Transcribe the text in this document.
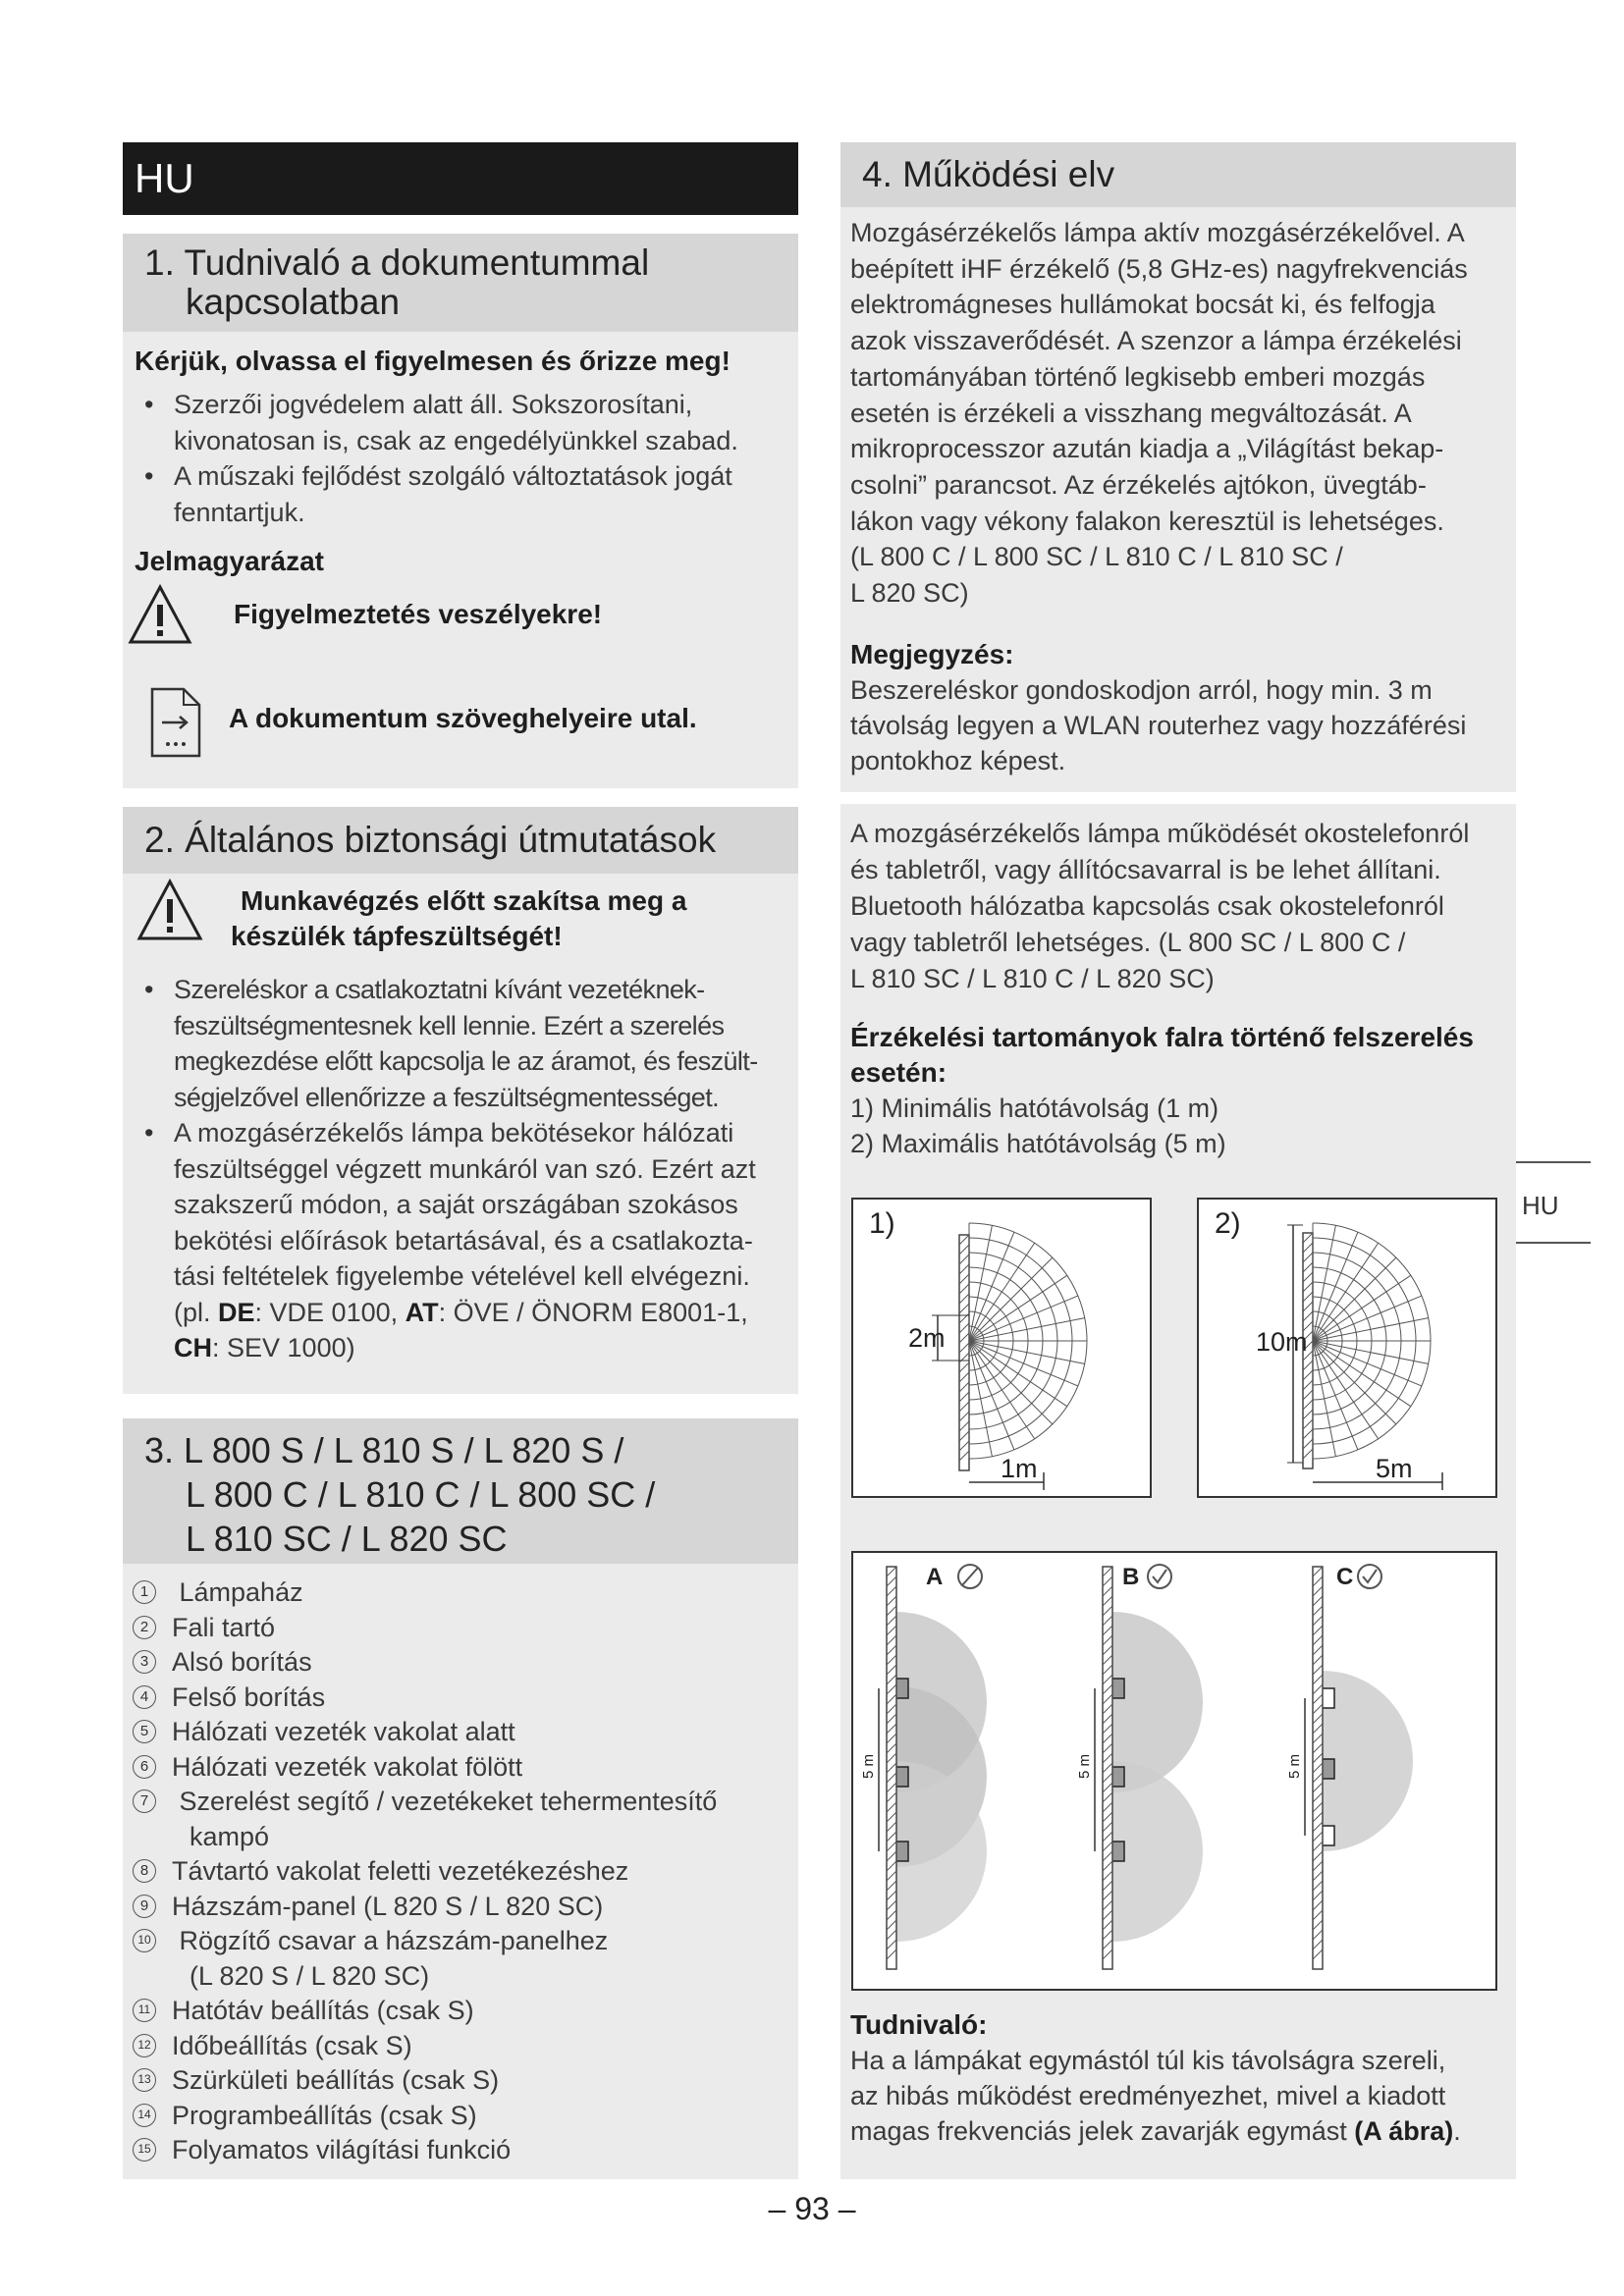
HU
1. Tudnivaló a dokumentummal
kapcsolatban
Kérjük, olvassa el figyelmesen és őrizze meg!
• Szerzői jogvédelem alatt áll. Sokszorosítani,
kivonatosan is, csak az engedélyünkkel szabad.
• A műszaki fejlődést szolgáló változtatások jogát
fenntartjuk.
Jelmagyarázat
Figyelmeztetés veszélyekre!
A dokumentum szöveghelyeire utal.
2. Általános biztonsági útmutatások
Munkavégzés előtt szakítsa meg a
készülék tápfeszültségét!
• Szereléskor a csatlakoztatni kívánt vezetéknek-
feszültségmentesnek kell lennie. Ezért a szerelés
megkezdése előtt kapcsolja le az áramot, és feszült-
ségjelzővel ellenőrizze a feszültségmentességet.
• A mozgásérzékelős lámpa bekötésekor hálózati
feszültséggel végzett munkáról van szó. Ezért azt
szakszerű módon, a saját országában szokásos
bekötési előírások betartásával, és a csatlakozta-
tási feltételek figyelembe vételével kell elvégezni.
(pl. DE: VDE 0100, AT: ÖVE / ÖNORM E8001-1,
CH: SEV 1000)
3. L 800 S / L 810 S / L 820 S /
L 800 C / L 810 C / L 800 SC /
L 810 SC / L 820 SC
1 Lámpaház
2 Fali tartó
3 Alsó borítás
4 Felső borítás
5 Hálózati vezeték vakolat alatt
6 Hálózati vezeték vakolat fölött
7 Szerelést segítő / vezetékeket tehermentesítő
kampó
8 Távtartó vakolat feletti vezetékezéshez
9 Házszám-panel (L 820 S / L 820 SC)
10 Rögzítő csavar a házszám-panelhez
(L 820 S / L 820 SC)
11 Hatótáv beállítás (csak S)
12 Időbeállítás (csak S)
13 Szürkületi beállítás (csak S)
14 Programbeállítás (csak S)
15 Folyamatos világítási funkció
4. Működési elv
Mozgásérzékelős lámpa aktív mozgásérzékelővel. A
beépített iHF érzékelő (5,8 GHz-es) nagyfrekvenciás
elektromágneses hullámokat bocsát ki, és felfogja
azok visszaverődését. A szenzor a lámpa érzékelési
tartományában történő legkisebb emberi mozgás
esetén is érzékeli a visszhang megváltozását. A
mikroprocesszor azután kiadja a „Világítást bekap-
csolni” parancsot. Az érzékelés ajtókon, üvegtáb-
lákon vagy vékony falakon keresztül is lehetséges.
(L 800 C / L 800 SC / L 810 C / L 810 SC /
L 820 SC)
Megjegyzés:
Beszereléskor gondoskodjon arról, hogy min. 3 m
távolság legyen a WLAN routerhez vagy hozzáférési
pontokhoz képest.
A mozgásérzékelős lámpa működését okostelefonról
és tabletről, vagy állítócsavarral is be lehet állítani.
Bluetooth hálózatba kapcsolás csak okostelefonról
vagy tabletről lehetséges. (L 800 SC / L 800 C /
L 810 SC / L 810 C / L 820 SC)
Érzékelési tartományok falra történő felszerelés
esetén:
1) Minimális hatótávolság (1 m)
2) Maximális hatótávolság (5 m)
1)
2m
1m
2)
10m
5m
5 m
A
5 m
B
5 m
C
Tudnivaló:
Ha a lámpákat egymástól túl kis távolságra szereli,
az hibás működést eredményezhet, mivel a kiadott
magas frekvenciás jelek zavarják egymást (A ábra).
HU
– 93 –
